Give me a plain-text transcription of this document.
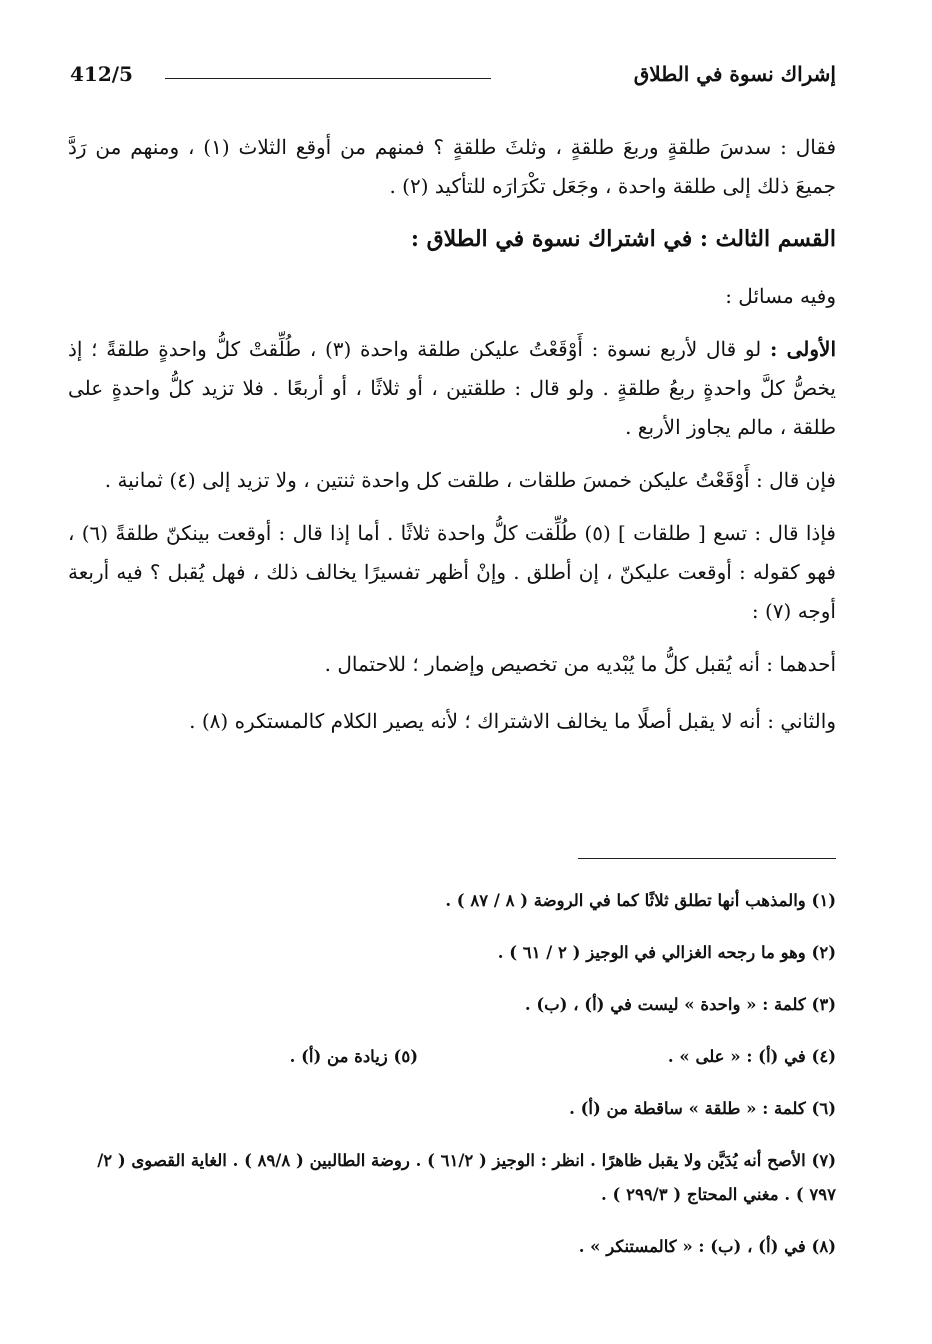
إشراك نسوة في الطلاق
412/5

فقال : سدسَ طلقةٍ وربعَ طلقةٍ ، وثلثَ طلقةٍ ؟ فمنهم من أوقع الثلاث (١) ، ومنهم من رَدَّ جميعَ ذلك إلى طلقة واحدة ، وجَعَل تكْرَارَه للتأكيد (٢) .

القسم الثالث : في اشتراك نسوة في الطلاق :

وفيه مسائل :

الأولى : لو قال لأربع نسوة : أَوْقَعْتُ عليكن طلقة واحدة (٣) ، طُلِّقتْ كلُّ واحدةٍ طلقةً ؛ إذ يخصُّ كلَّ واحدةٍ ربعُ طلقةٍ . ولو قال : طلقتين ، أو ثلاثًا ، أو أربعًا . فلا تزيد كلُّ واحدةٍ على طلقة ، مالم يجاوز الأربع .

فإن قال : أَوْقَعْتُ عليكن خمسَ طلقات ، طلقت كل واحدة ثنتين ، ولا تزيد إلى (٤) ثمانية .

فإذا قال : تسع [ طلقات ] (٥) طُلِّقت كلُّ واحدة ثلاثًا . أما إذا قال : أوقعت بينكنّ طلقةً (٦) ، فهو كقوله : أوقعت عليكنّ ، إن أطلق . وإنْ أظهر تفسيرًا يخالف ذلك ، فهل يُقبل ؟ فيه أربعة أوجه (٧) :

أحدهما : أنه يُقبل كلُّ ما يُبْديه من تخصيص وإضمار ؛ للاحتمال .

والثاني : أنه لا يقبل أصلًا ما يخالف الاشتراك ؛ لأنه يصير الكلام كالمستكره (٨) .

(١) والمذهب أنها تطلق ثلاثًا كما في الروضة ( ٨ / ٨٧ ) .
(٢) وهو ما رجحه الغزالي في الوجيز ( ٢ / ٦١ ) .
(٣) كلمة : « واحدة » ليست في (أ) ، (ب) .
(٤) في (أ) : « على » .
(٥) زيادة من (أ) .
(٦) كلمة : « طلقة » ساقطة من (أ) .
(٧) الأصح أنه يُدَيَّن ولا يقبل ظاهرًا . انظر : الوجيز ( ٦١/٢ ) . روضة الطالبين ( ٨٩/٨ ) . الغاية القصوى ( ٢/ ٧٩٧ ) . مغني المحتاج ( ٢٩٩/٣ ) .
(٨) في (أ) ، (ب) : « كالمستنكر » .
